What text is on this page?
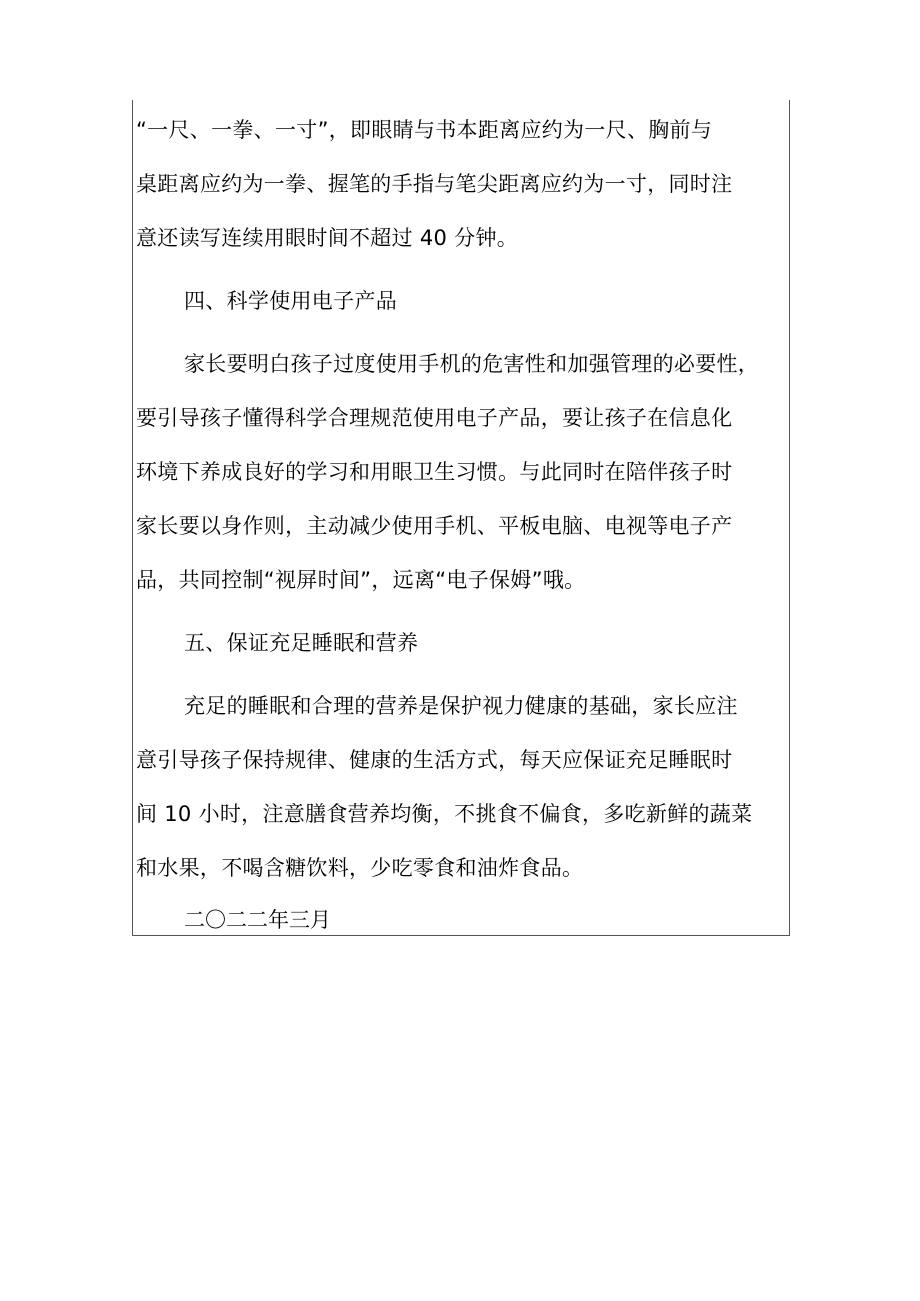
“一尺、一拳、一寸”，即眼睛与书本距离应约为一尺、胸前与
桌距离应约为一拳、握笔的手指与笔尖距离应约为一寸，同时注
意还读写连续用眼时间不超过 40 分钟。
四、科学使用电子产品
家长要明白孩子过度使用手机的危害性和加强管理的必要性，
要引导孩子懂得科学合理规范使用电子产品，要让孩子在信息化
环境下养成良好的学习和用眼卫生习惯。与此同时在陪伴孩子时
家长要以身作则，主动减少使用手机、平板电脑、电视等电子产
品，共同控制“视屏时间”，远离“电子保姆”哦。
五、保证充足睡眠和营养
充足的睡眠和合理的营养是保护视力健康的基础，家长应注
意引导孩子保持规律、健康的生活方式，每天应保证充足睡眠时
间 10 小时，注意膳食营养均衡，不挑食不偏食，多吃新鲜的蔬菜
和水果，不喝含糖饮料，少吃零食和油炸食品。
二〇二二年三月
